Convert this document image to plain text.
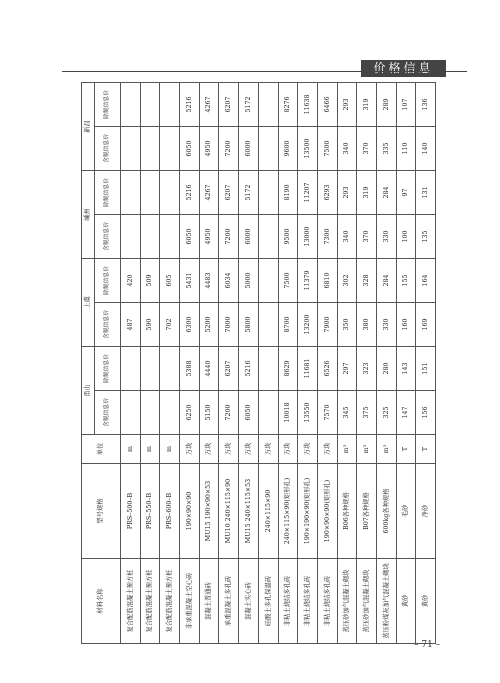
价格信息
材料名称	型号规格	单位	甬山		上虞		嵊州		新昌	
			含税信息价	除税信息价	含税信息价	除税信息价	含税信息价	除税信息价	含税信息价	除税信息价
复合配筋混凝土预方桩	PRS–500–B	m			487	420				
复合配筋混凝土预方桩	PRS–550–B	m			590	509				
复合配筋混凝土预方桩	PRS–600–B	m			702	605				
非承重混凝土空心砖	190×90×90	万块	6250	5388	6300	5431	6050	5216	6050	5216
混凝土普通砖	MU15 190×90×53	万块	5150	4440	5200	4483	4950	4267	4950	4267
承重混凝土多孔砖	MU10 240×115×90	万块	7200	6207	7000	6034	7200	6207	7200	6207
混凝土实心砖	MU15 240×115×53	万块	6050	5216	5800	5000	6000	5172	6000	5172
硅酸土多孔保温砖	240×115×90	万块								
非粘土烧结多孔砖	240×115×90(矩形孔)	万块	10018	8629	8700	7500	9500	8190	9600	8276
非粘土烧结多孔砖	190×190×90(矩形孔)	万块	13550	11681	13200	11379	13000	11207	13500	11638
非粘土烧结多孔砖	190×90×90(矩形孔)	万块	7570	6526	7900	6810	7300	6293	7500	6466
蒸压砂加气混凝土砌块	B06各种规格	m³	345	297	350	302	340	293	340	293
蒸压砂加气混凝土砌块	B07各种规格	m³	375	323	380	328	370	319	370	319
蒸压粉煤灰加气混凝土砌块	600kg各种规格	m³	325	280	330	284	330	284	335	289
黄砂	毛砂	T	147	143	160	155	100	97	110	107
黄砂	净砂	T	156	151	169	164	135	131	140	136
– 71 –
